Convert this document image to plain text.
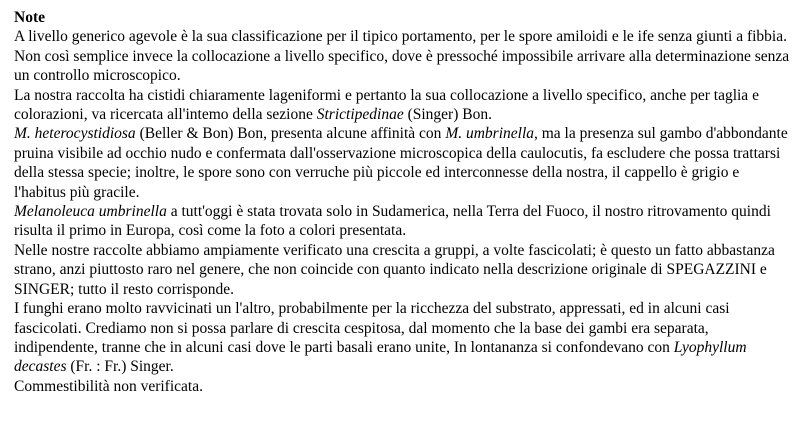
Note

A livello generico agevole è la sua classificazione per il tipico portamento, per le spore amiloidi e le ife senza giunti a fibbia. Non così semplice invece la collocazione a livello specifico, dove è pressoché impossibile arrivare alla determinazione senza un controllo microscopico.

La nostra raccolta ha cistidi chiaramente lageniformi e pertanto la sua collocazione a livello specifico, anche per taglia e colorazioni, va ricercata all'intemo della sezione Strictipedinae (Singer) Bon.

M. heterocystidiosa (Beller & Bon) Bon, presenta alcune affinità con M. umbrinella, ma la presenza sul gambo d'abbondante pruina visibile ad occhio nudo e confermata dall'osservazione microscopica della caulocutis, fa escludere che possa trattarsi della stessa specie; inoltre, le spore sono con verruche più piccole ed interconnesse della nostra, il cappello è grigio e l'habitus più gracile.

Melanoleuca umbrinella a tutt'oggi è stata trovata solo in Sudamerica, nella Terra del Fuoco, il nostro ritrovamento quindi risulta il primo in Europa, così come la foto a colori presentata.

Nelle nostre raccolte abbiamo ampiamente verificato una crescita a gruppi, a volte fascicolati; è questo un fatto abbastanza strano, anzi piuttosto raro nel genere, che non coincide con quanto indicato nella descrizione originale di SPEGAZZINI e SINGER; tutto il resto corrisponde.

I funghi erano molto ravvicinati un l'altro, probabilmente per la ricchezza del substrato, appressati, ed in alcuni casi fascicolati. Crediamo non si possa parlare di crescita cespitosa, dal momento che la base dei gambi era separata, indipendente, tranne che in alcuni casi dove le parti basali erano unite, In lontananza si confondevano con Lyophyllum decastes (Fr. : Fr.) Singer.

Commestibilità non verificata.
